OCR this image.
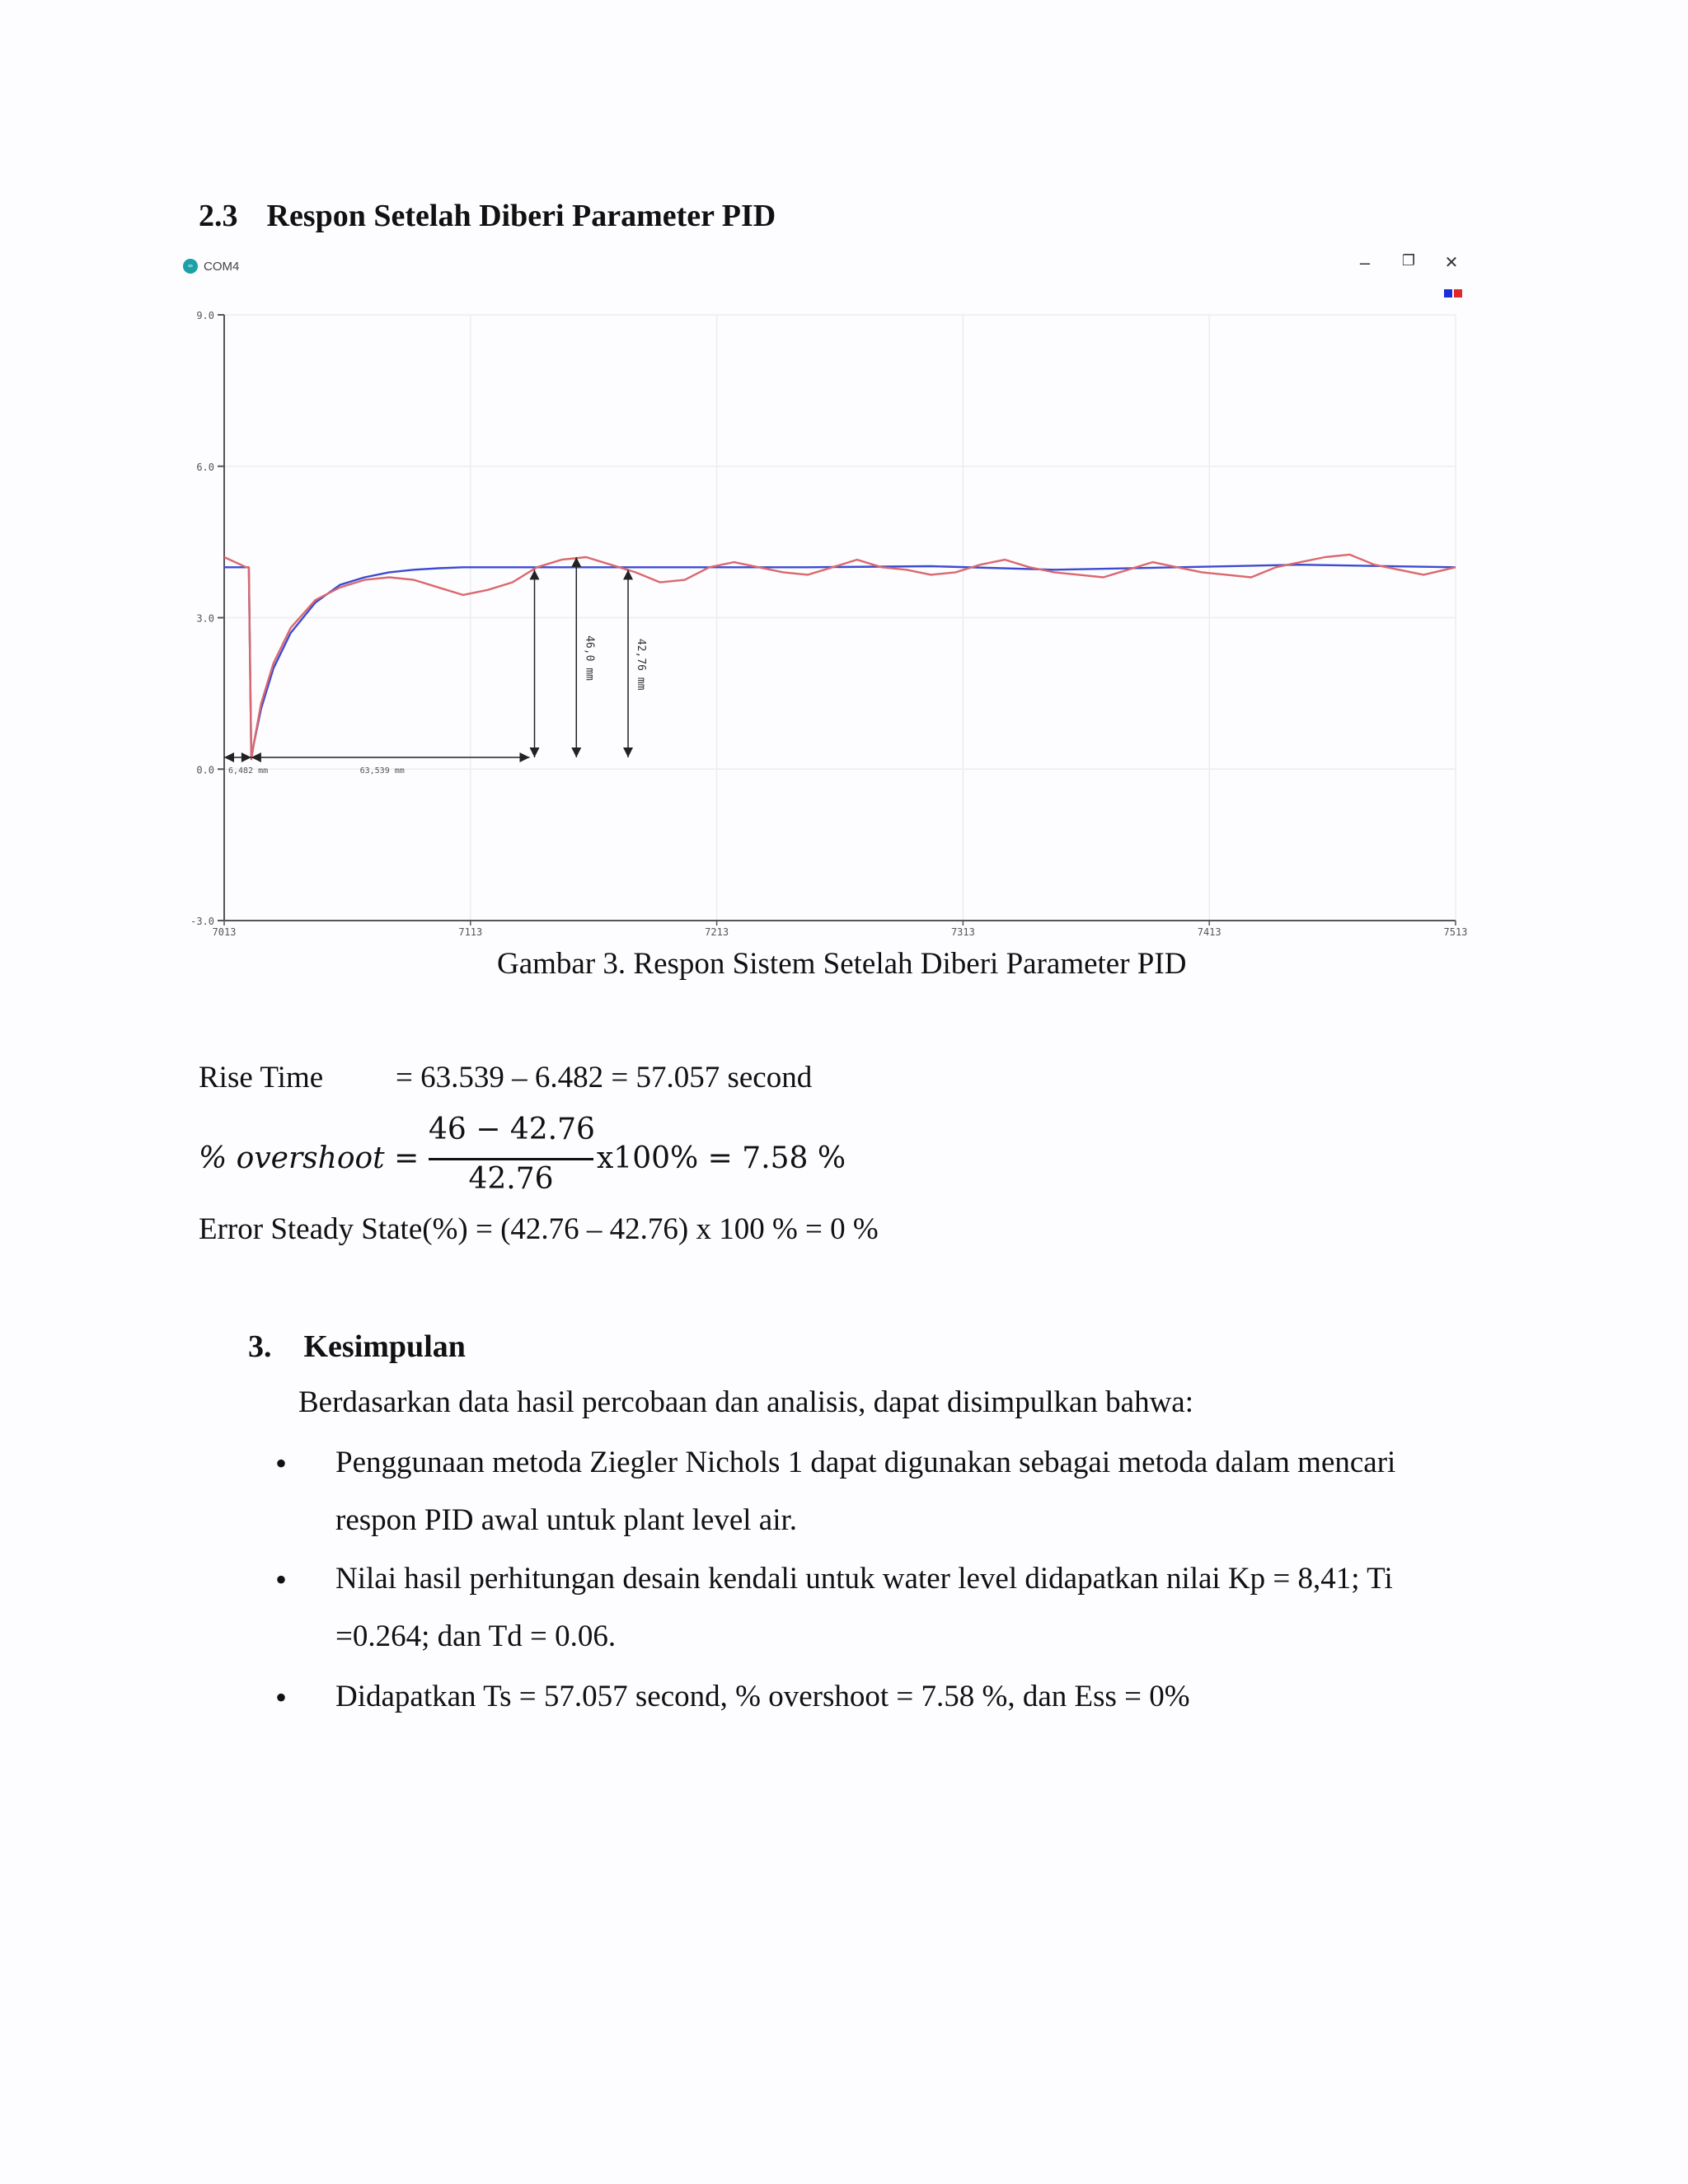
2.3 Respon Setelah Diberi Parameter PID
∞ COM4	–	❐	✕
-3.0
0.0
3.0
6.0
9.0
7013	7113	7213	7313	7413	7513
6,482 mm	63,539 mm
46,0 mm	42,76 mm
Gambar 3. Respon Sistem Setelah Diberi Parameter PID
Rise Time = 63.539 – 6.482 = 57.057 second
% overshoot =
46 − 42.76
42.76
x100% = 7.58 %
Error Steady State(%) = (42.76 – 42.76) x 100 % = 0 %
3. Kesimpulan
Berdasarkan data hasil percobaan dan analisis, dapat disimpulkan bahwa:
• Penggunaan metoda Ziegler Nichols 1 dapat digunakan sebagai metoda dalam mencari
respon PID awal untuk plant level air.
• Nilai hasil perhitungan desain kendali untuk water level didapatkan nilai Kp = 8,41; Ti
=0.264; dan Td = 0.06.
• Didapatkan Ts = 57.057 second, % overshoot = 7.58 %, dan Ess = 0%
